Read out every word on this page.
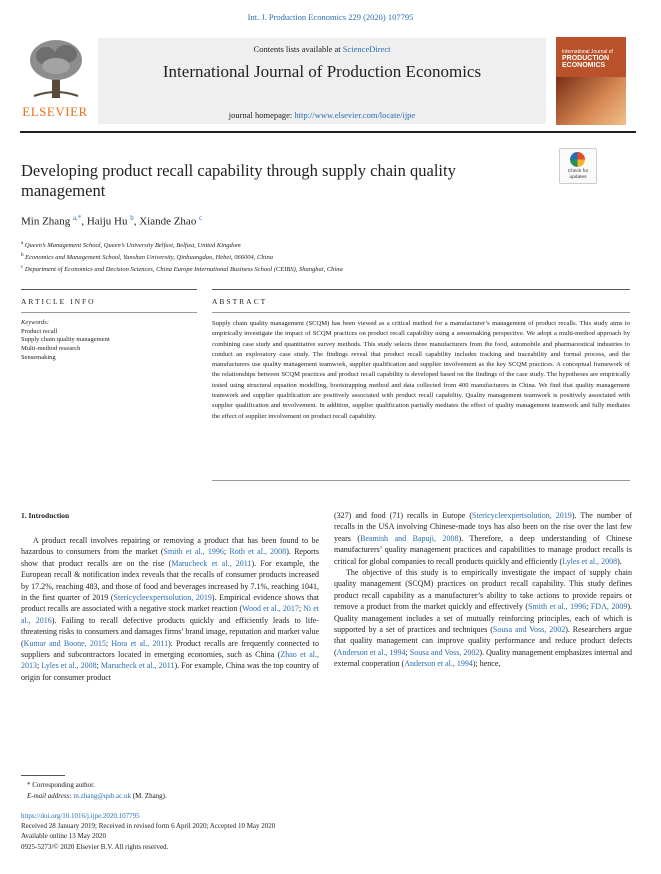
Int. J. Production Economics 229 (2020) 107795
ELSEVIER
Contents lists available at ScienceDirect
International Journal of Production Economics
journal homepage: http://www.elsevier.com/locate/ijpe
International Journal of
PRODUCTION
ECONOMICS
Developing product recall capability through supply chain quality management
Check for
updates
Min Zhang $^{a,*}$, Haiju Hu $^b$, Xiande Zhao $^c$
$^a$ Queen’s Management School, Queen’s University Belfast, Belfast, United Kingdom
$^b$ Economics and Management School, Yanshan University, Qinhuangdao, Hebei, 066004, China
$^c$ Department of Economics and Decision Sciences, China Europe International Business School (CEIBS), Shanghai, China
ARTICLE INFO	ABSTRACT
Keywords:
Product recall
Supply chain quality management
Multi-method research
Sensemaking
Supply chain quality management (SCQM) has been viewed as a critical method for a manufacturer’s management of product recalls. This study aims to empirically investigate the impact of SCQM practices on product recall capability using a sensemaking perspective. We adopt a multi-method approach by combining case study and quantitative survey methods. This study selects three manufacturers from the food, automobile and pharmaceutical industries to conduct an exploratory case study. The findings reveal that product recall capability includes tracking and traceability and formal process, and the manufacturers use quality management teamwork, supplier qualification and supplier involvement as the key SCQM practices. A conceptual framework of the relationships between SCQM practices and product recall capability is developed based on the findings of the case study. The hypotheses are empirically tested using structural equation modelling, bootstrapping method and data collected from 400 manufacturers in China. We find that quality management teamwork and supplier qualification are positively associated with product recall capability. Quality management teamwork is positively associated with supplier qualification and involvement. In addition, supplier qualification partially mediates the effect of quality management teamwork and fully mediates the effect of supplier involvement on product recall capability.
1. Introduction

A product recall involves repairing or removing a product that has been found to be hazardous to consumers from the market (Smith et al., 1996; Roth et al., 2008). Reports show that product recalls are on the rise (Marucheck et al., 2011). For example, the European recall & notification index reveals that the recalls of consumer products increased by 17.2%, reaching 483, and those of food and beverages increased by 7.1%, reaching 1041, in the first quarter of 2019 (Stericycleexpertsolution, 2019). Empirical evidence shows that product recalls are associated with a negative stock market reaction (Wood et al., 2017; Ni et al., 2016). Failing to recall defective products quickly and efficiently leads to life-threatening risks to consumers and damages firms’ brand image, reputation and market value (Kumar and Boone, 2015; Hora et al., 2011). Product recalls are frequently connected to suppliers and subcontractors located in emerging economies, such as China (Zhao et al., 2013; Lyles et al., 2008; Marucheck et al., 2011). For example, China was the top country of origin for consumer product

(327) and food (71) recalls in Europe (Stericycleexpertsolution, 2019). The number of recalls in the USA involving Chinese-made toys has also been on the rise over the last few years (Beamish and Bapuji, 2008). Therefore, a deep understanding of Chinese manufacturers’ quality management practices and capabilities to manage product recalls is critical for global companies to recall products quickly and efficiently (Lyles et al., 2008).

The objective of this study is to empirically investigate the impact of supply chain quality management (SCQM) practices on product recall capability. This study defines product recall capability as a manufacturer’s ability to take actions to provide repairs or remove a product from the market quickly and effectively (Smith et al., 1996; FDA, 2009). Quality management includes a set of mutually reinforcing principles, each of which is supported by a set of practices and techniques (Sousa and Voss, 2002). Researchers argue that quality management can improve quality performance and reduce product defects (Anderson et al., 1994; Sousa and Voss, 2002). Quality management emphasizes internal and external cooperation (Anderson et al., 1994); hence,

* Corresponding author.
E-mail address: m.zhang@qub.ac.uk (M. Zhang).
https://doi.org/10.1016/j.ijpe.2020.107795
Received 28 January 2019; Received in revised form 6 April 2020; Accepted 10 May 2020
Available online 13 May 2020
0925-5273/© 2020 Elsevier B.V. All rights reserved.
